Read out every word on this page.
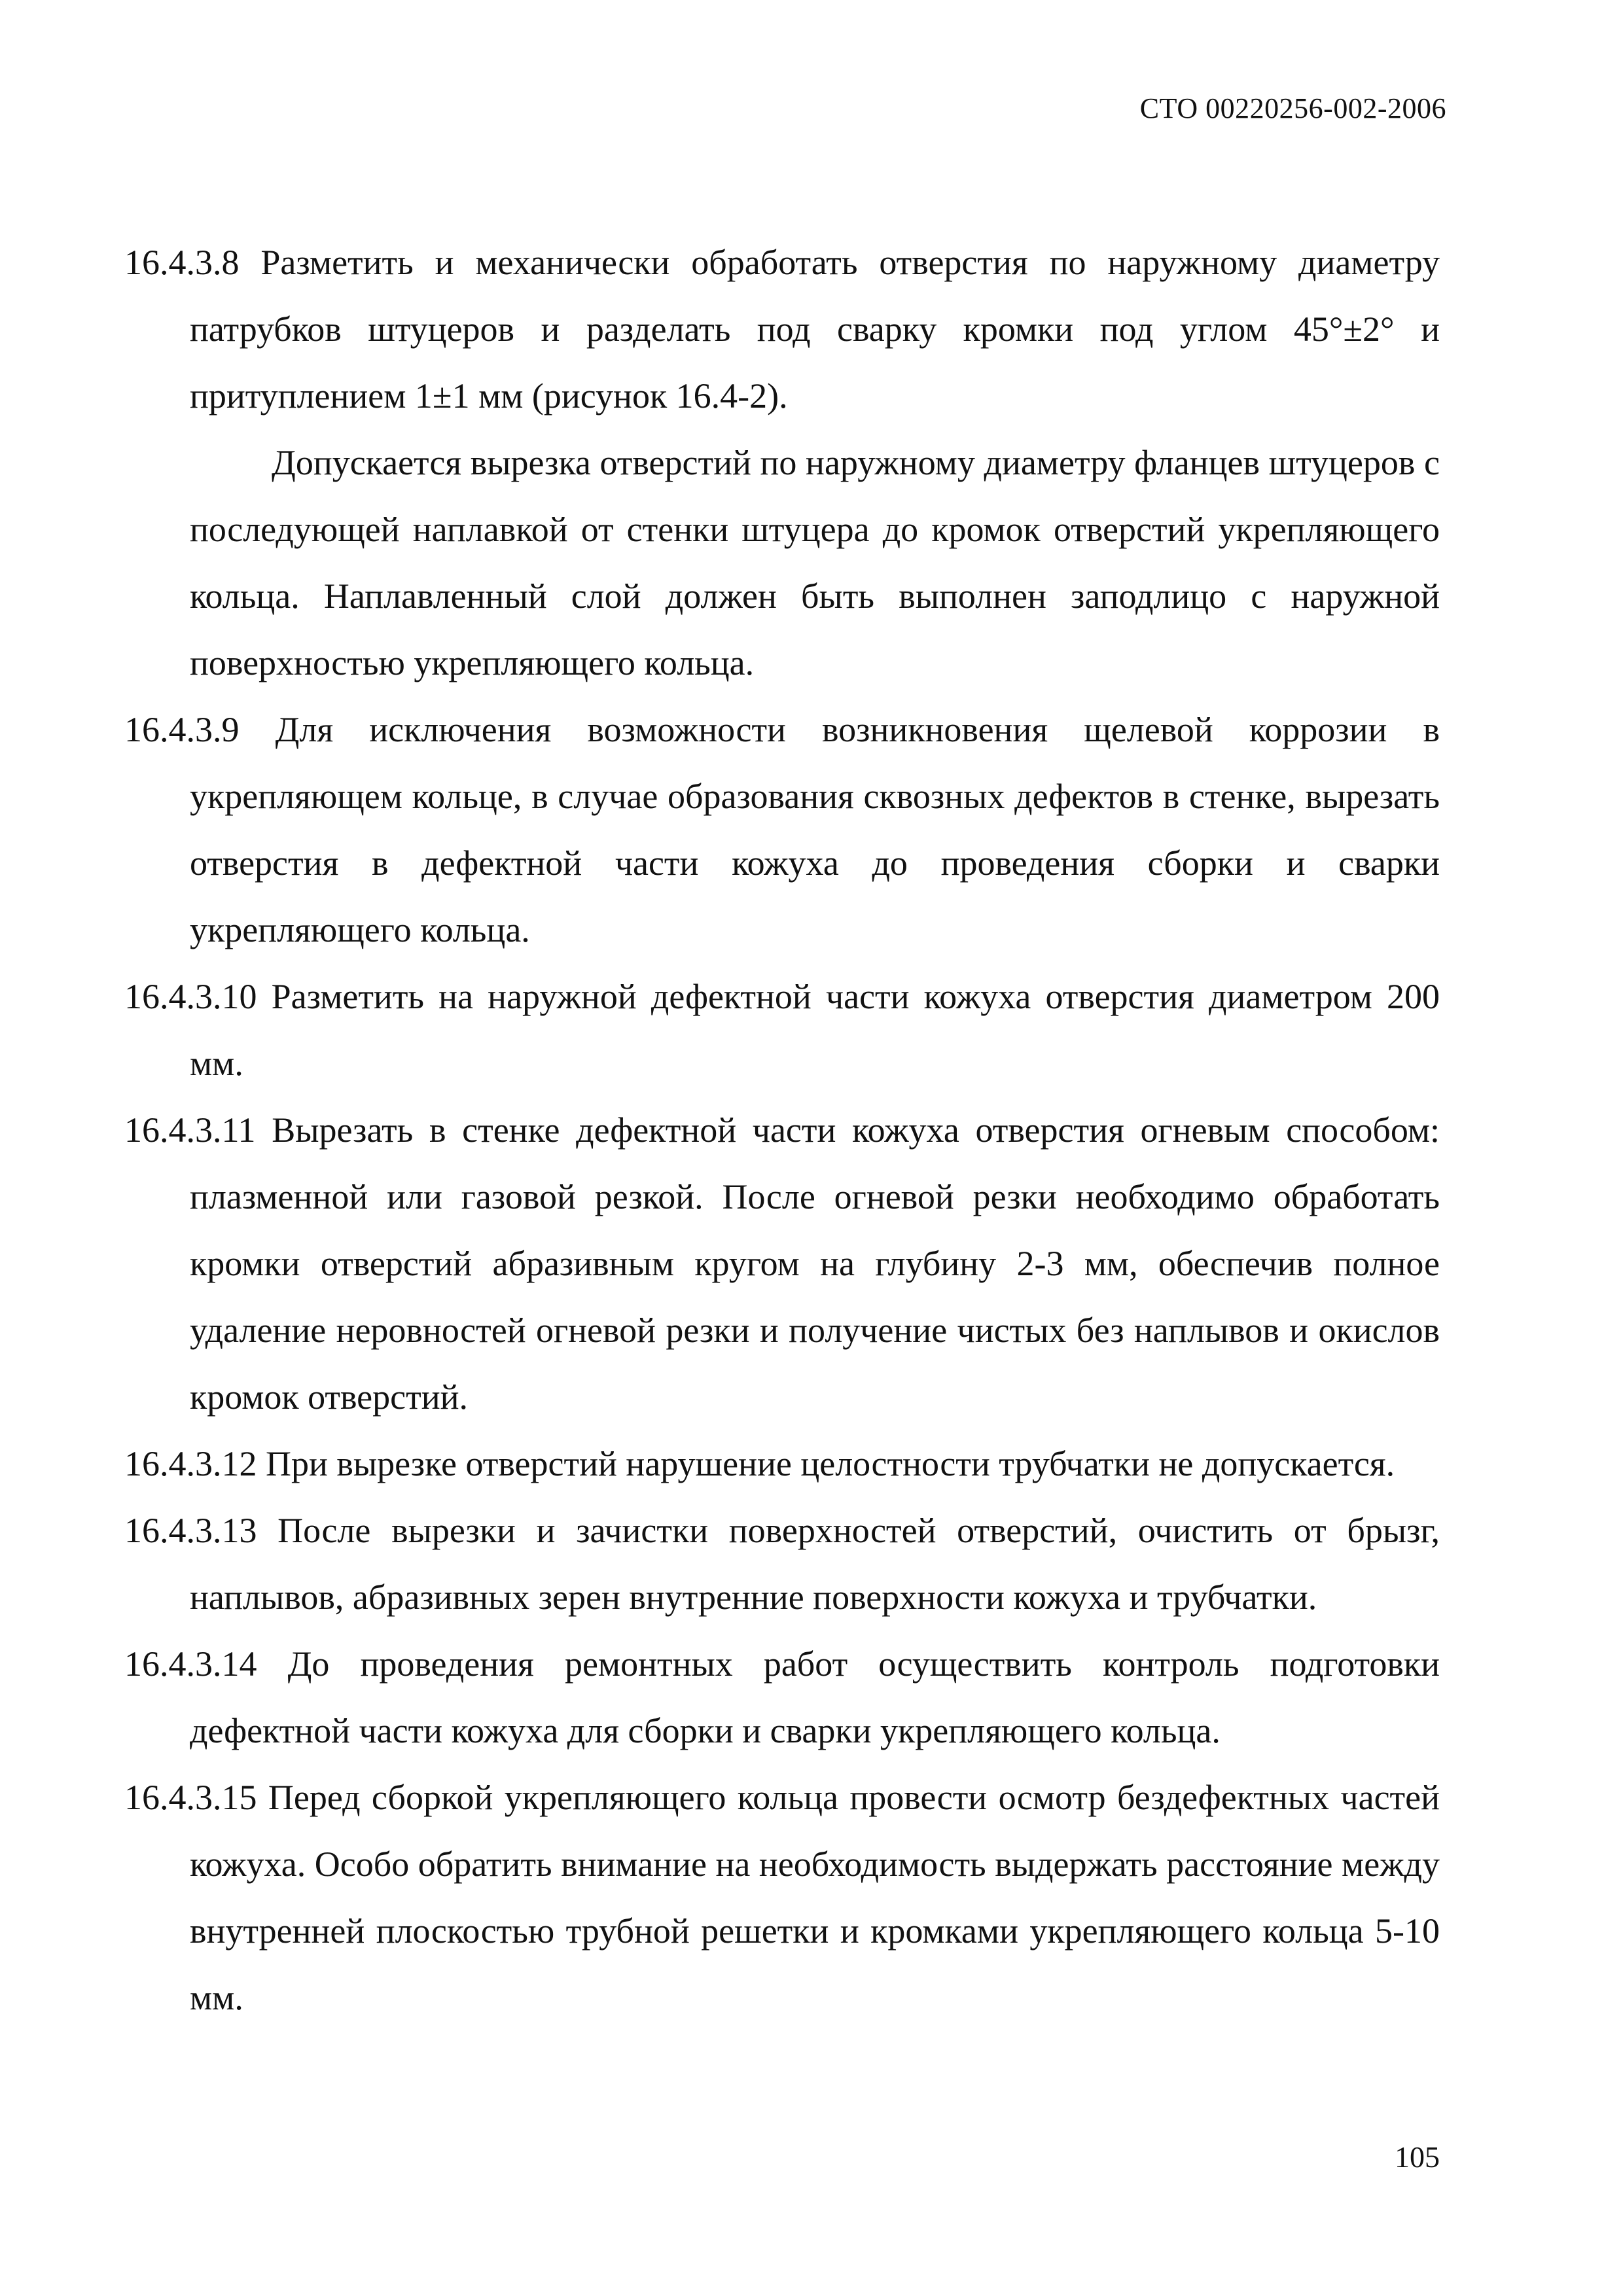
СТО 00220256-002-2006

16.4.3.8 Разметить и механически обработать отверстия по наружному диаметру патрубков штуцеров и разделать под сварку кромки под углом 45°±2° и притуплением 1±1 мм (рисунок 16.4-2).

Допускается вырезка отверстий по наружному диаметру фланцев штуцеров с последующей наплавкой от стенки штуцера до кромок отверстий укрепляющего кольца. Наплавленный слой должен быть выполнен заподлицо с наружной поверхностью укрепляющего кольца.

16.4.3.9 Для исключения возможности возникновения щелевой коррозии в укрепляющем кольце, в случае образования сквозных дефектов в стенке, вырезать отверстия в дефектной части кожуха до проведения сборки и сварки укрепляющего кольца.

16.4.3.10 Разметить на наружной дефектной части кожуха отверстия диаметром 200 мм.

16.4.3.11 Вырезать в стенке дефектной части кожуха отверстия огневым способом: плазменной или газовой резкой. После огневой резки необходимо обработать кромки отверстий абразивным кругом на глубину 2-3 мм, обеспечив полное удаление неровностей огневой резки и получение чистых без наплывов и окислов кромок отверстий.

16.4.3.12 При вырезке отверстий нарушение целостности трубчатки не допускается.

16.4.3.13 После вырезки и зачистки поверхностей отверстий, очистить от брызг, наплывов, абразивных зерен внутренние поверхности кожуха и трубчатки.

16.4.3.14 До проведения ремонтных работ осуществить контроль подготовки дефектной части кожуха для сборки и сварки укрепляющего кольца.

16.4.3.15 Перед сборкой укрепляющего кольца провести осмотр бездефектных частей кожуха. Особо обратить внимание на необходимость выдержать расстояние между внутренней плоскостью трубной решетки и кромками укрепляющего кольца 5-10 мм.

105
